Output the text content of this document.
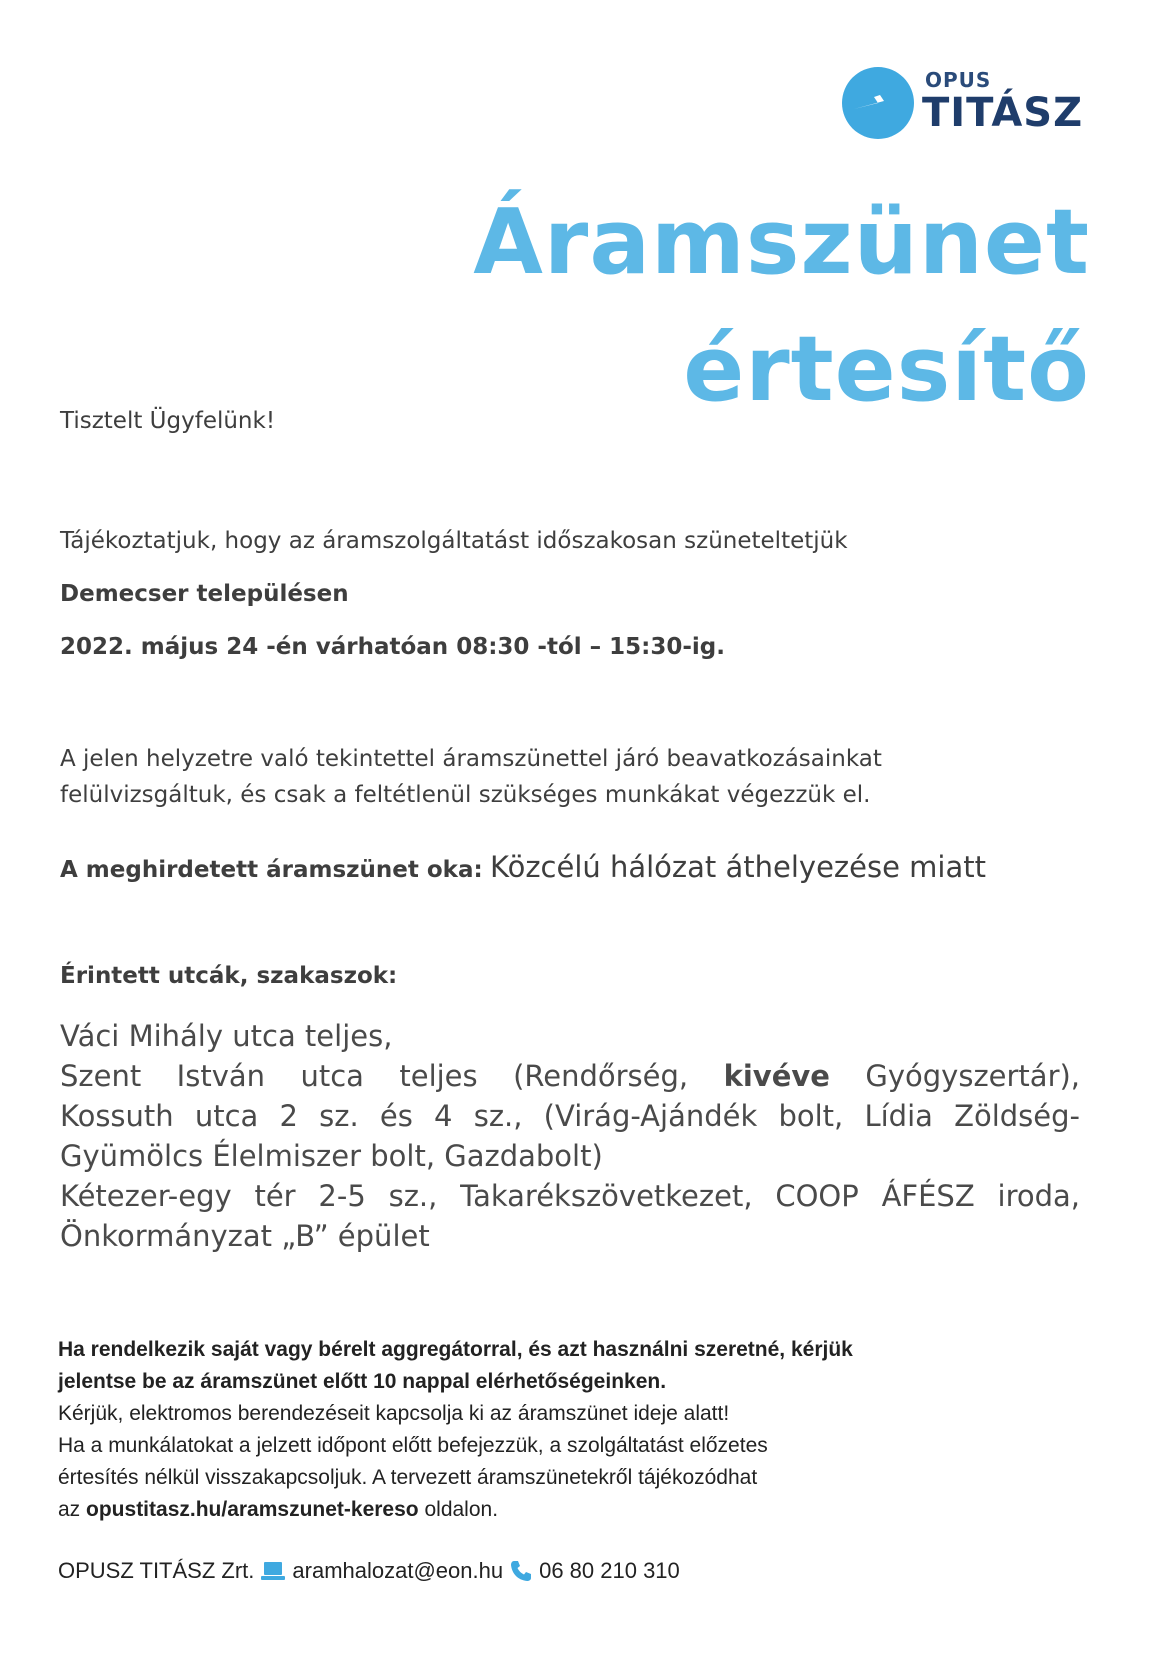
OPUS
TITÁSZ
Áramszünet
értesítő
Tisztelt Ügyfelünk!
Tájékoztatjuk, hogy az áramszolgáltatást időszakosan szüneteltetjük
Demecser településen
2022. május 24 -én várhatóan 08:30 -tól – 15:30-ig.
A jelen helyzetre való tekintettel áramszünettel járó beavatkozásainkat
felülvizsgáltuk, és csak a feltétlenül szükséges munkákat végezzük el.
A meghirdetett áramszünet oka: Közcélú hálózat áthelyezése miatt
Érintett utcák, szakaszok:
Váci Mihály utca teljes,
Szent István utca teljes (Rendőrség, kivéve Gyógyszertár),
Kossuth utca 2 sz. és 4 sz., (Virág-Ajándék bolt, Lídia Zöldség-
Gyümölcs Élelmiszer bolt, Gazdabolt)
Kétezer-egy tér 2-5 sz., Takarékszövetkezet, COOP ÁFÉSZ iroda,
Önkormányzat „B” épület
Ha rendelkezik saját vagy bérelt aggregátorral, és azt használni szeretné, kérjük
jelentse be az áramszünet előtt 10 nappal elérhetőségeinken.
Kérjük, elektromos berendezéseit kapcsolja ki az áramszünet ideje alatt!
Ha a munkálatokat a jelzett időpont előtt befejezzük, a szolgáltatást előzetes
értesítés nélkül visszakapcsoljuk. A tervezett áramszünetekről tájékozódhat
az opustitasz.hu/aramszunet-kereso oldalon.
OPUSZ TITÁSZ Zrt. aramhalozat@eon.hu 06 80 210 310
